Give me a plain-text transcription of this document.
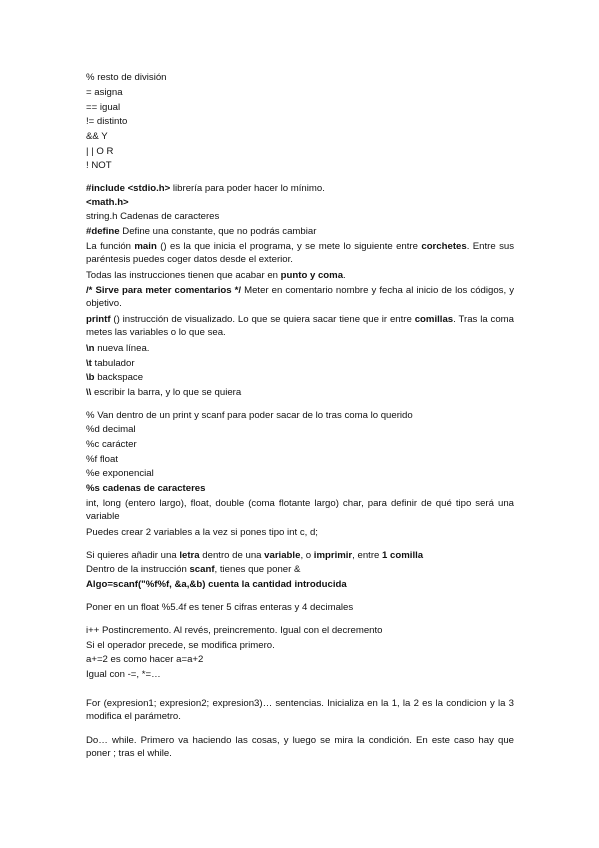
% resto de división
= asigna
== igual
!= distinto
&& Y
| | O R
! NOT
#include <stdio.h> librería para poder hacer lo mínimo.
<math.h>
string.h Cadenas de caracteres
#define Define una constante, que no podrás cambiar
La función main () es la que inicia el programa, y se mete lo siguiente entre corchetes. Entre sus paréntesis puedes coger datos desde el exterior.
Todas las instrucciones tienen que acabar en punto y coma.
/* Sirve para meter comentarios */ Meter en comentario nombre y fecha al inicio de los códigos, y objetivo.
printf () instrucción de visualizado. Lo que se quiera sacar tiene que ir entre comillas. Tras la coma metes las variables o lo que sea.
\n nueva línea.
\t tabulador
\b backspace
\\ escribir la barra, y lo que se quiera
% Van dentro de un print y scanf para poder sacar de lo tras coma lo querido
%d decimal
%c carácter
%f float
%e exponencial
%s cadenas de caracteres
int, long (entero largo), float, double (coma flotante largo) char, para definir de qué tipo será una variable
Puedes crear 2 variables a la vez si pones tipo int c, d;
Si quieres añadir una letra dentro de una variable, o imprimir, entre 1 comilla
Dentro de la instrucción scanf, tienes que poner &
Algo=scanf("%f%f, &a,&b) cuenta la cantidad introducida
Poner en un float %5.4f es tener 5 cifras enteras y 4 decimales
i++ Postincremento. Al revés, preincremento. Igual con el decremento
Si el operador precede, se modifica primero.
a+=2 es como hacer a=a+2
Igual con -=, *=…
For (expresion1; expresion2; expresion3)… sentencias. Inicializa en la 1, la 2 es la condicion y la 3 modifica el parámetro.
Do… while. Primero va haciendo las cosas, y luego se mira la condición. En este caso hay que poner ; tras el while.
